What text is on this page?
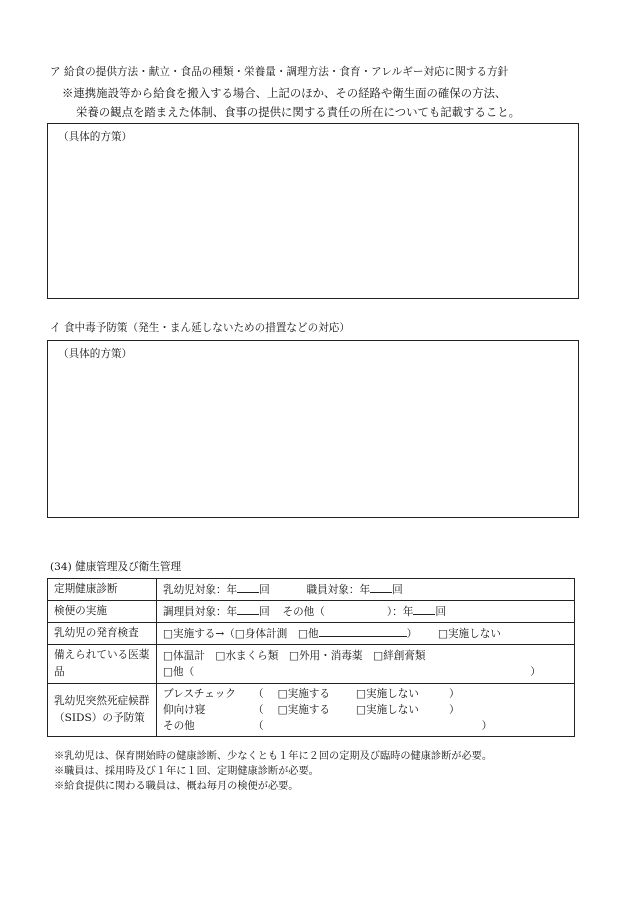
ア 給食の提供方法・献立・食品の種類・栄養量・調理方法・食育・アレルギー対応に関する方針
※連携施設等から給食を搬入する場合、上記のほか、その経路や衛生面の確保の方法、
栄養の観点を踏まえた体制、食事の提供に関する責任の所在についても記載すること。
（具体的方策）
イ 食中毒予防策（発生・まん延しないための措置などの対応）
（具体的方策）
(34) 健康管理及び衛生管理
定期健康診断	乳幼児対象：年 回 職員対象：年 回
検便の実施	調理員対象：年 回 その他（ ）：年 回
乳幼児の発育検査	□実施する→（□身体計測 □他 ） □実施しない
備えられている医薬品	□体温計　□水まくら類　□外用・消毒薬　□絆創膏類
□他（ ）

乳幼児突然死症候群（SIDS）の予防策	ブレスチェック （ □実施する □実施しない ）
仰向け寝 （ □実施する □実施しない ）
その他 （ ）
※乳幼児は、保育開始時の健康診断、少なくとも１年に２回の定期及び臨時の健康診断が必要。
※職員は、採用時及び１年に１回、定期健康診断が必要。
※給食提供に関わる職員は、概ね毎月の検便が必要。
